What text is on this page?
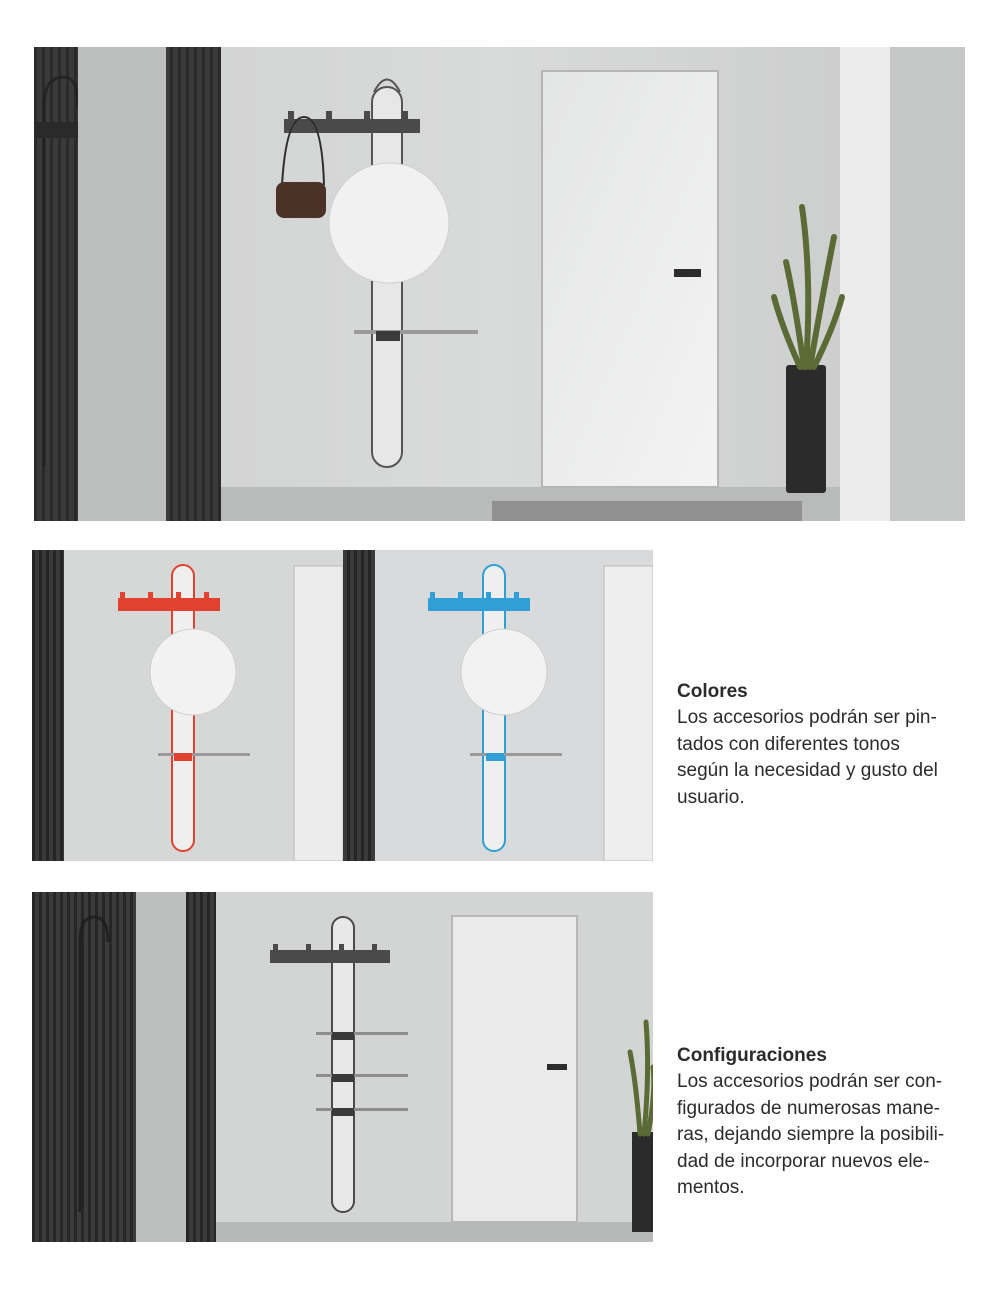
Colores

Los accesorios podrán ser pin-
tados con diferentes tonos
según la necesidad y gusto del
usuario.

Configuraciones

Los accesorios podrán ser con-
figurados de numerosas mane-
ras, dejando siempre la posibili-
dad de incorporar nuevos ele-
mentos.
